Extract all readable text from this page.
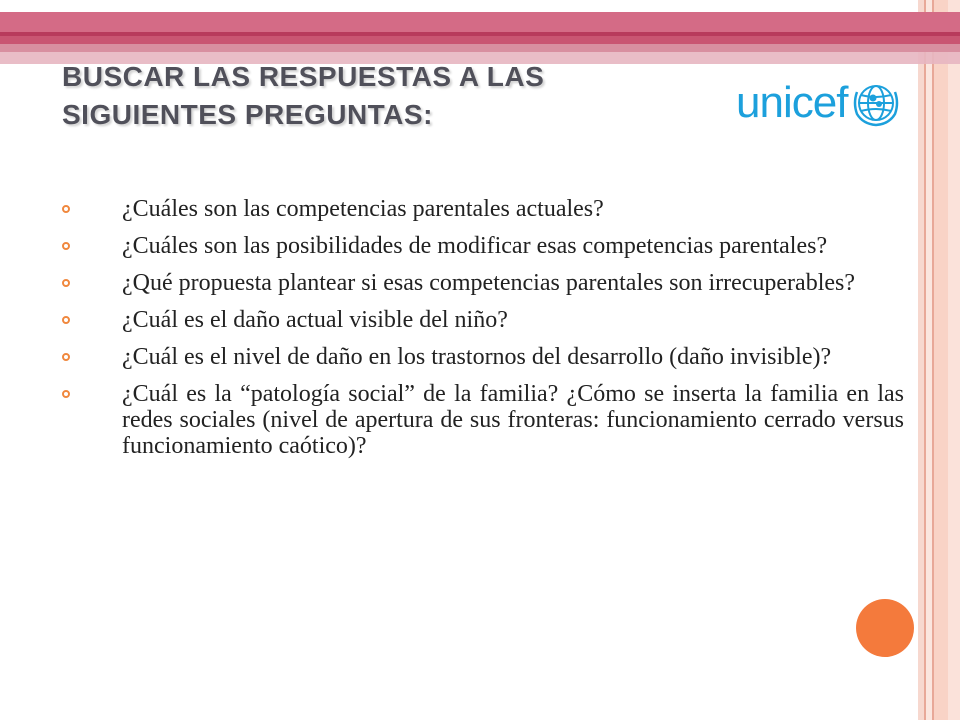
BUSCAR LAS RESPUESTAS A LAS
SIGUIENTES PREGUNTAS:	unicef
¿Cuáles son las competencias parentales actuales?
¿Cuáles son las posibilidades de modificar esas competencias parentales?
¿Qué propuesta plantear si esas competencias parentales son irrecuperables?
¿Cuál es el daño actual visible del niño?
¿Cuál es el nivel de daño en los trastornos del desarrollo (daño invisible)?
¿Cuál es la “patología social” de la familia? ¿Cómo se inserta la familia en las redes sociales (nivel de apertura de sus fronteras: funcionamiento cerrado versus funcionamiento caótico)?
